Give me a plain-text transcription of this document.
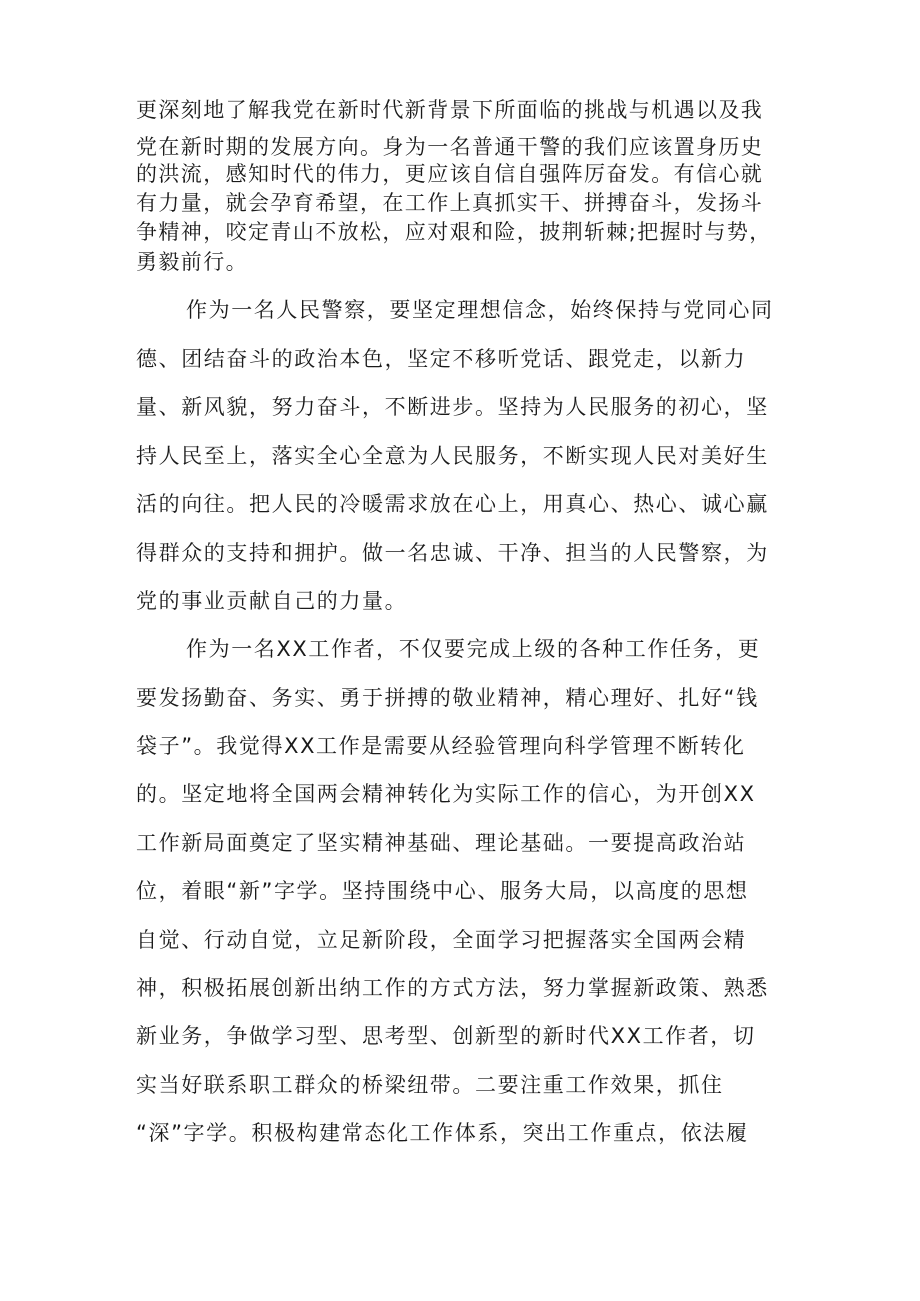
更深刻地了解我党在新时代新背景下所面临的挑战与机遇以及我
党在新时期的发展方向。身为一名普通干警的我们应该置身历史
的洪流，感知时代的伟力，更应该自信自强阵厉奋发。有信心就
有力量，就会孕育希望，在工作上真抓实干、拼搏奋斗，发扬斗
争精神，咬定青山不放松，应对艰和险，披荆斩棘;把握时与势，
勇毅前行。
作为一名人民警察，要坚定理想信念，始终保持与党同心同
德、团结奋斗的政治本色，坚定不移听党话、跟党走，以新力
量、新风貌，努力奋斗，不断进步。坚持为人民服务的初心，坚
持人民至上，落实全心全意为人民服务，不断实现人民对美好生
活的向往。把人民的冷暖需求放在心上，用真心、热心、诚心赢
得群众的支持和拥护。做一名忠诚、干净、担当的人民警察，为
党的事业贡献自己的力量。
作为一名XX工作者，不仅要完成上级的各种工作任务，更
要发扬勤奋、务实、勇于拼搏的敬业精神，精心理好、扎好“钱
袋子”。我觉得XX工作是需要从经验管理向科学管理不断转化
的。坚定地将全国两会精神转化为实际工作的信心，为开创XX
工作新局面奠定了坚实精神基础、理论基础。一要提高政治站
位，着眼“新”字学。坚持围绕中心、服务大局，以高度的思想
自觉、行动自觉，立足新阶段，全面学习把握落实全国两会精
神，积极拓展创新出纳工作的方式方法，努力掌握新政策、熟悉
新业务，争做学习型、思考型、创新型的新时代XX工作者，切
实当好联系职工群众的桥梁纽带。二要注重工作效果，抓住
“深”字学。积极构建常态化工作体系，突出工作重点，依法履
